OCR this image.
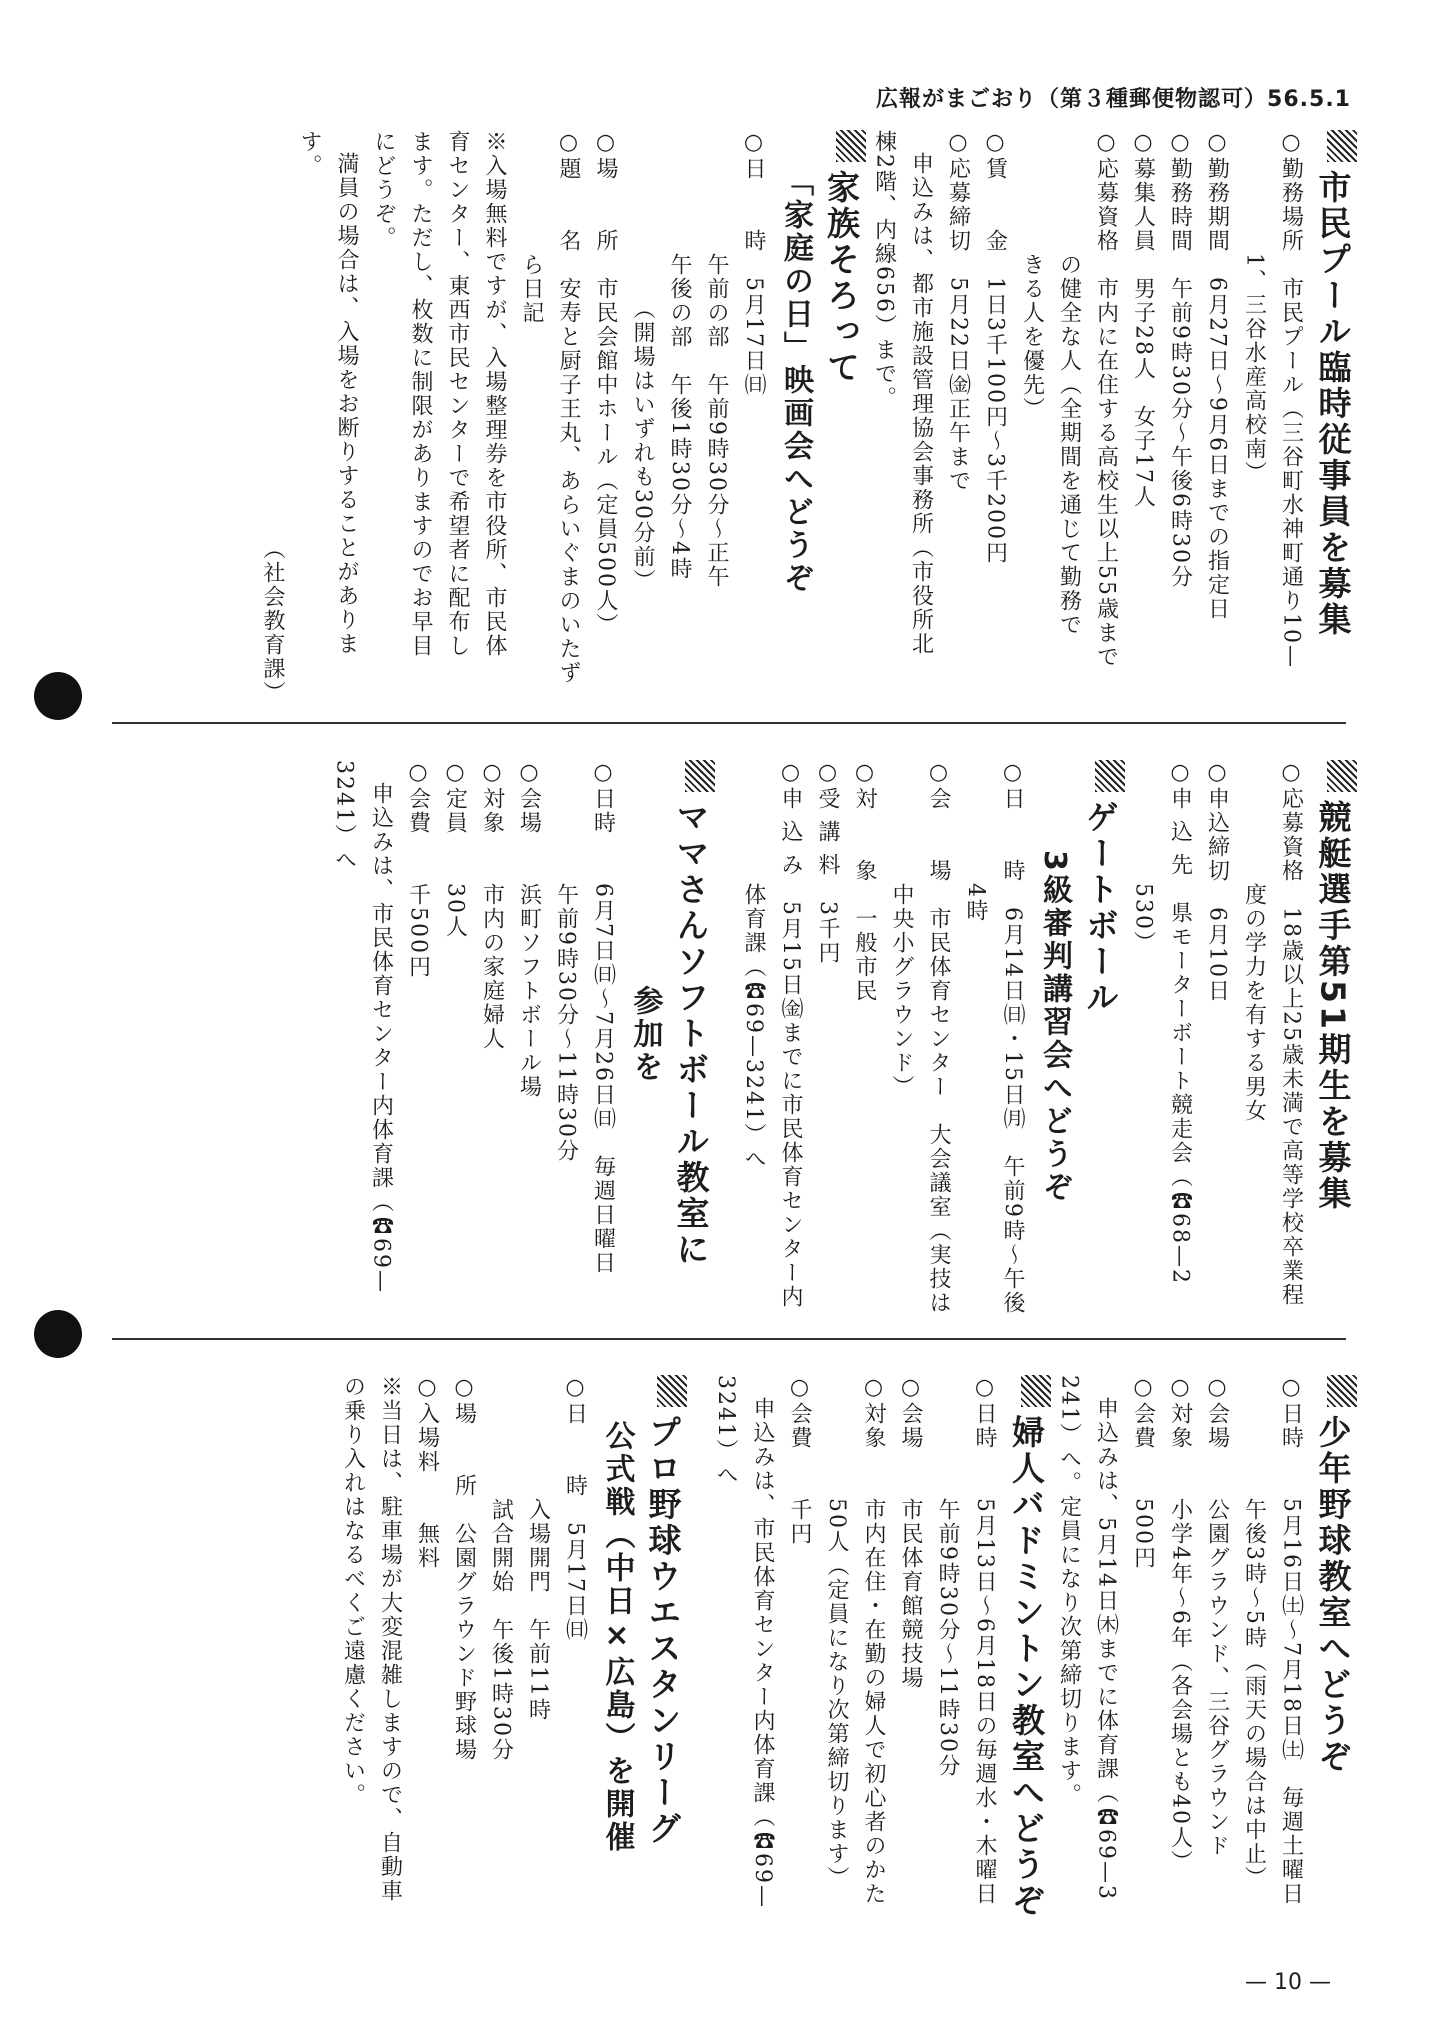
広報がまごおり（第３種郵便物認可）56.5.1
市民プール臨時従事員を募集
○勤務場所　市民プール（三谷町水神町通り10—
1、三谷水産高校南）
○勤務期間　6月27日～9月6日までの指定日
○勤務時間　午前9時30分～午後6時30分
○募集人員　男子28人　女子17人
○応募資格　市内に在住する高校生以上55歳まで
の健全な人（全期間を通じて勤務で
きる人を優先）
○賃　　金　1日3千100円～3千200円
○応募締切　5月22日㈮正午まで
申込みは、都市施設管理協会事務所（市役所北
棟2階、内線656）まで。
家族そろって
「家庭の日」映画会へどうぞ
○日　　時　5月17日㈰
午前の部　午前9時30分～正午
午後の部　午後1時30分～4時
（開場はいずれも30分前）
○場　　所　市民会館中ホール（定員500人）
○題　　名　安寿と厨子王丸、あらいぐまのいたず
ら日記
※入場無料ですが、入場整理券を市役所、市民体
育センター、東西市民センターで希望者に配布し
ます。ただし、枚数に制限がありますのでお早目
にどうぞ。
満員の場合は、入場をお断りすることがありま
す。
（社会教育課）
競艇選手第51期生を募集
○応募資格　18歳以上25歳未満で高等学校卒業程
度の学力を有する男女
○申込締切　6月10日
○申 込 先　県モーターボート競走会（☎68—2
530）
ゲートボール
3級審判講習会へどうぞ
○日　　時　6月14日㈰・15日㈪　午前9時～午後
4時
○会　　場　市民体育センター　大会議室（実技は
中央小グラウンド）
○対　　象　一般市民
○受 講 料　3千円
○申 込 み　5月15日㈮までに市民体育センター内
体育課（☎69—3241）へ
ママさんソフトボール教室に
参加を
○日時　　6月7日㈰～7月26日㈰　毎週日曜日
午前9時30分～11時30分
○会場　　浜町ソフトボール場
○対象　　市内の家庭婦人
○定員　　30人
○会費　　千500円
申込みは、市民体育センター内体育課（☎69—
3241）へ
少年野球教室へどうぞ
○日時　　5月16日㈯～7月18日㈯　毎週土曜日
午後3時～5時（雨天の場合は中止）
○会場　　公園グラウンド、三谷グラウンド
○対象　　小学4年～6年（各会場とも40人）
○会費　　500円
申込みは、5月14日㈭までに体育課（☎69—3
241）へ。定員になり次第締切ります。
婦人バドミントン教室へどうぞ
○日時　　5月13日～6月18日の毎週水・木曜日
午前9時30分～11時30分
○会場　　市民体育館競技場
○対象　　市内在住・在勤の婦人で初心者のかた
50人（定員になり次第締切ります）
○会費　　千円
申込みは、市民体育センター内体育課（☎69—
3241）へ
プロ野球ウエスタンリーグ
公式戦（中日×広島）を開催
○日　　時　5月17日㈰
入場開門　午前11時
試合開始　午後1時30分
○場　　所　公園グラウンド野球場
○入場料　　無料
※当日は、駐車場が大変混雑しますので、自動車
の乗り入れはなるべくご遠慮ください。
— 10 —
